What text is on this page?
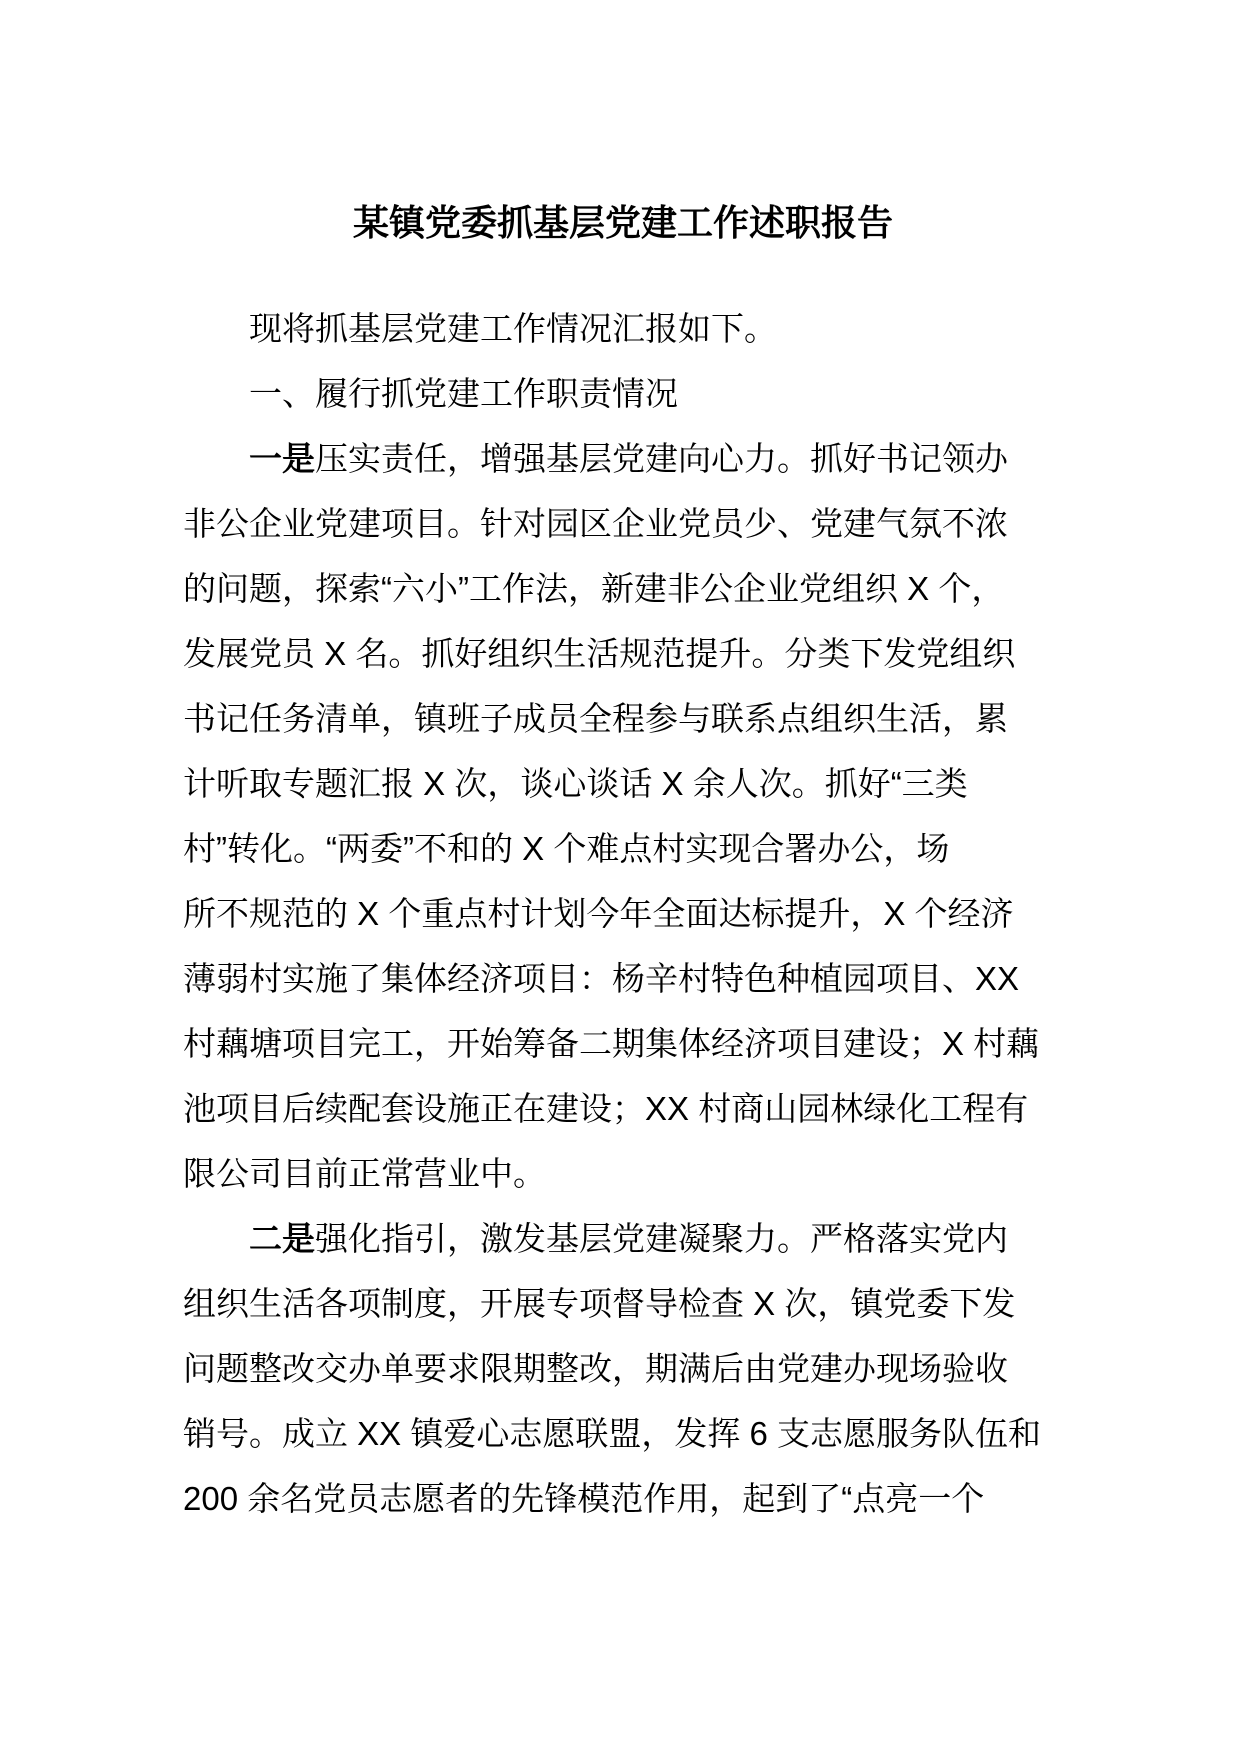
某镇党委抓基层党建工作述职报告
现将抓基层党建工作情况汇报如下。
一、履行抓党建工作职责情况
一是压实责任，增强基层党建向心力。抓好书记领办
非公企业党建项目。针对园区企业党员少、党建气氛不浓
的问题，探索“六小”工作法，新建非公企业党组织 X 个，
发展党员 X 名。抓好组织生活规范提升。分类下发党组织
书记任务清单，镇班子成员全程参与联系点组织生活，累
计听取专题汇报 X 次，谈心谈话 X 余人次。抓好“三类
村”转化。“两委”不和的 X 个难点村实现合署办公，场
所不规范的 X 个重点村计划今年全面达标提升，X 个经济
薄弱村实施了集体经济项目：杨辛村特色种植园项目、XX
村藕塘项目完工，开始筹备二期集体经济项目建设；X 村藕
池项目后续配套设施正在建设；XX 村商山园林绿化工程有
限公司目前正常营业中。
二是强化指引，激发基层党建凝聚力。严格落实党内
组织生活各项制度，开展专项督导检查 X 次，镇党委下发
问题整改交办单要求限期整改，期满后由党建办现场验收
销号。成立 XX 镇爱心志愿联盟，发挥 6 支志愿服务队伍和
200 余名党员志愿者的先锋模范作用，起到了“点亮一个
